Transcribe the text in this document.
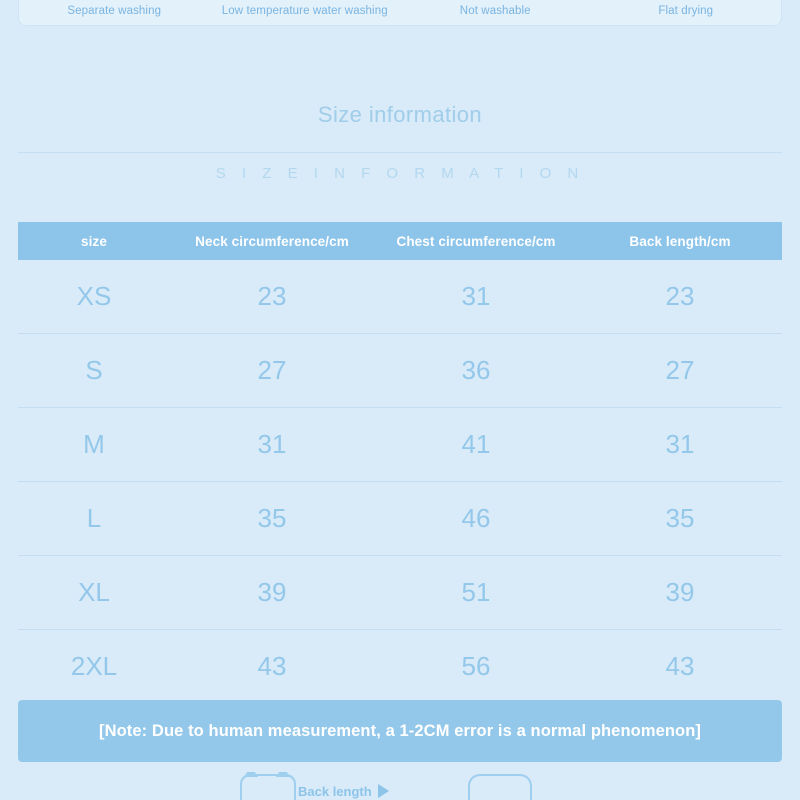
Separate washing	Low temperature water washing	Not washable	Flat drying
Size information
S I Z E I N F O R M A T I O N
size	Neck circumference/cm	Chest circumference/cm	Back length/cm
XS	23	31	23
S	27	36	27
M	31	41	31
L	35	46	35
XL	39	51	39
2XL	43	56	43
[Note: Due to human measurement, a 1-2CM error is a normal phenomenon]
Back length
